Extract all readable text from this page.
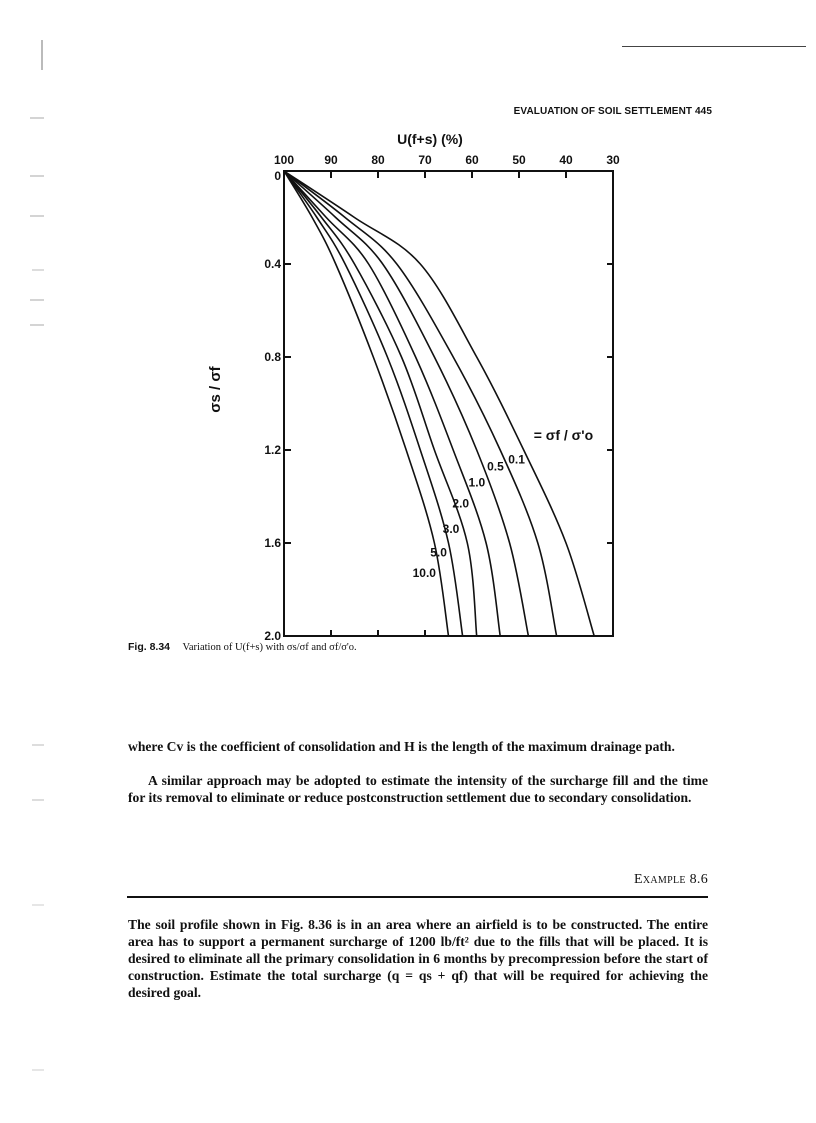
EVALUATION OF SOIL SETTLEMENT 445
U(f+s) (%)
100	90	80	70	60	50	40	30
0
0.4
0.8
1.2
1.6
2.0
0.1
0.5
1.0
2.0
3.0
5.0
10.0
σs / σf
= σf / σ'o
Fig. 8.34 Variation of U(f+s) with σs/σf and σf/σ'o.

where Cv is the coefficient of consolidation and H is the length of the maximum drainage path.

A similar approach may be adopted to estimate the intensity of the surcharge fill and the time for its removal to eliminate or reduce postconstruction settlement due to secondary consolidation.

Example 8.6

The soil profile shown in Fig. 8.36 is in an area where an airfield is to be constructed. The entire area has to support a permanent surcharge of 1200 lb/ft² due to the fills that will be placed. It is desired to eliminate all the primary consolidation in 6 months by precompression before the start of construction. Estimate the total surcharge (q = qs + qf) that will be required for achieving the desired goal.
